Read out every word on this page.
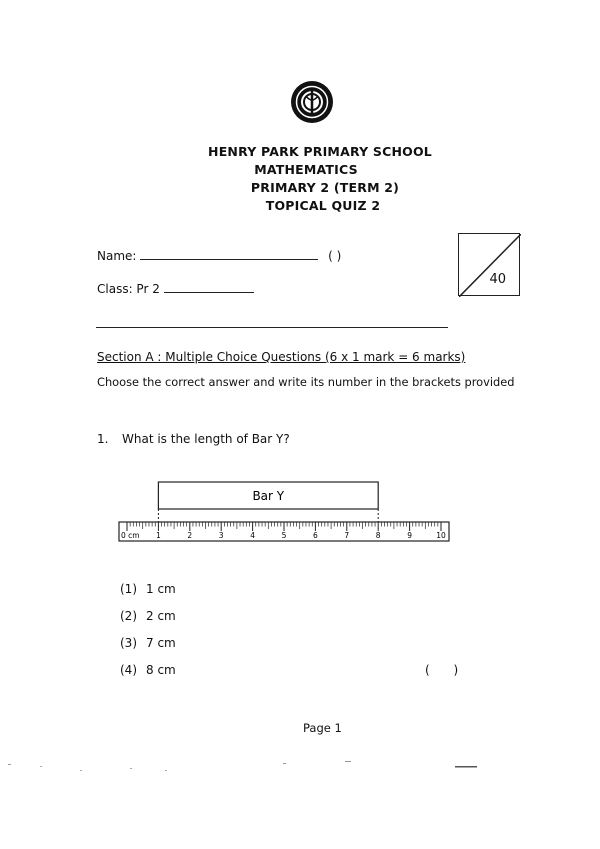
HENRY PARK PRIMARY SCHOOL
MATHEMATICS
PRIMARY 2 (TERM 2)
TOPICAL QUIZ 2
Name:	( )
Class: Pr 2
40
Section A : Multiple Choice Questions (6 x 1 mark = 6 marks)
Choose the correct answer and write its number in the brackets provided
1. What is the length of Bar Y?
Bar Y
0 cm 1	2	3	4	5	6	7	8	9	10
(1) 1 cm
(2) 2 cm
(3) 7 cm
(4) 8 cm	( )
Page 1
